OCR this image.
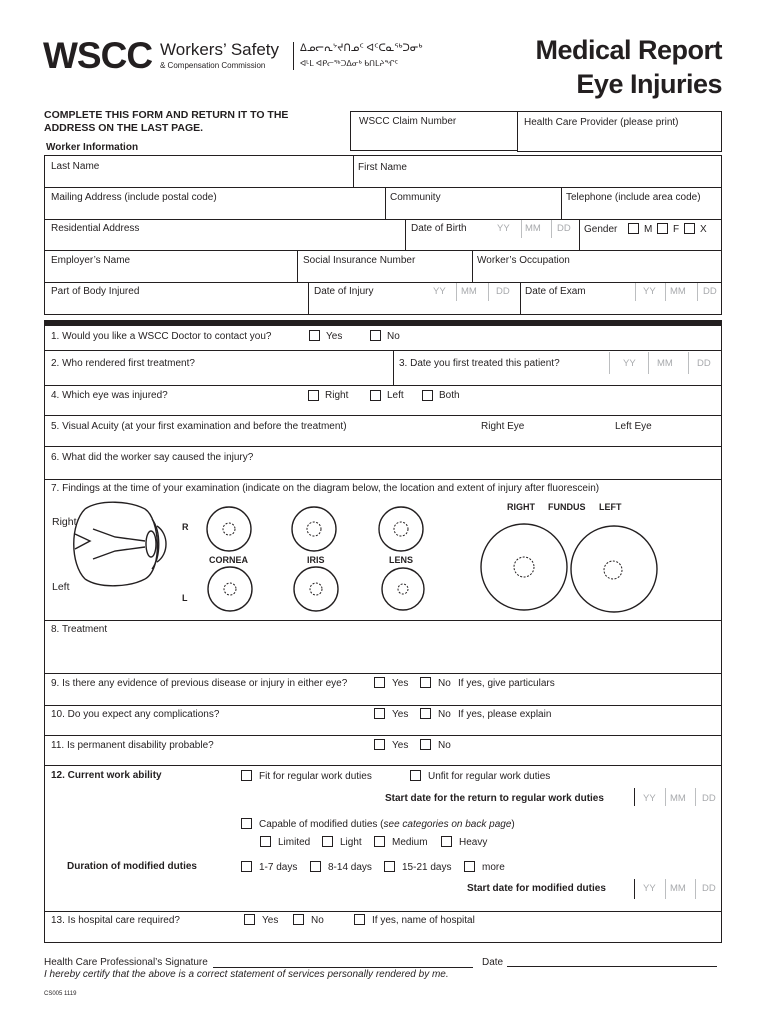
WSCC Workers’ Safety
& Compensation Commission
ᐃᓄᓕᕆᔾᔪᑎᓄᑦ ᐊᑦᑕᓇᖅᑐᓂᒃ
ᐊᒻᒪ ᐊᑭᓕᖅᑐᐃᓂᒃ ᑲᑎᒪᔨᖏᑦ	Medical Report
Eye Injuries
COMPLETE THIS FORM AND RETURN IT TO THE
ADDRESS ON THE LAST PAGE.
WSCC Claim Number	Health Care Provider (please print)
Worker Information
Last Name	First Name
Mailing Address (include postal code)	Community	Telephone (include area code)
Residential Address	Date of Birth	YY MM DD Gender	M F X
Employer’s Name	Social Insurance Number	Worker’s Occupation
Part of Body Injured	Date of Injury	YY MM DD Date of Exam	YY MM DD
1. Would you like a WSCC Doctor to contact you?	Yes	No
2. Who rendered first treatment?	3. Date you first treated this patient?	YY MM	DD
4. Which eye was injured?	Right	Left	Both
5. Visual Acuity (at your first examination and before the treatment)	Right Eye	Left Eye
6. What did the worker say caused the injury?
7. Findings at the time of your examination (indicate on the diagram below, the location and extent of injury after fluorescein)
Right
Left
R
L
CORNEA	IRIS	LENS
RIGHT FUNDUS LEFT
8. Treatment
9. Is there any evidence of previous disease or injury in either eye?	Yes	No If yes, give particulars
10. Do you expect any complications?	Yes	No If yes, please explain
11. Is permanent disability probable?	Yes	No
12. Current work ability	Fit for regular work duties	Unfit for regular work duties
Start date for the return to regular work duties	YY MM DD
Capable of modified duties (see categories on back page)
Limited	Light	Medium	Heavy
Duration of modified duties	1-7 days	8-14 days	15-21 days	more
Start date for modified duties	YY MM DD
13. Is hospital care required?	Yes	No	If yes, name of hospital
Health Care Professional’s Signature	Date
I hereby certify that the above is a correct statement of services personally rendered by me.
CS005 1119
